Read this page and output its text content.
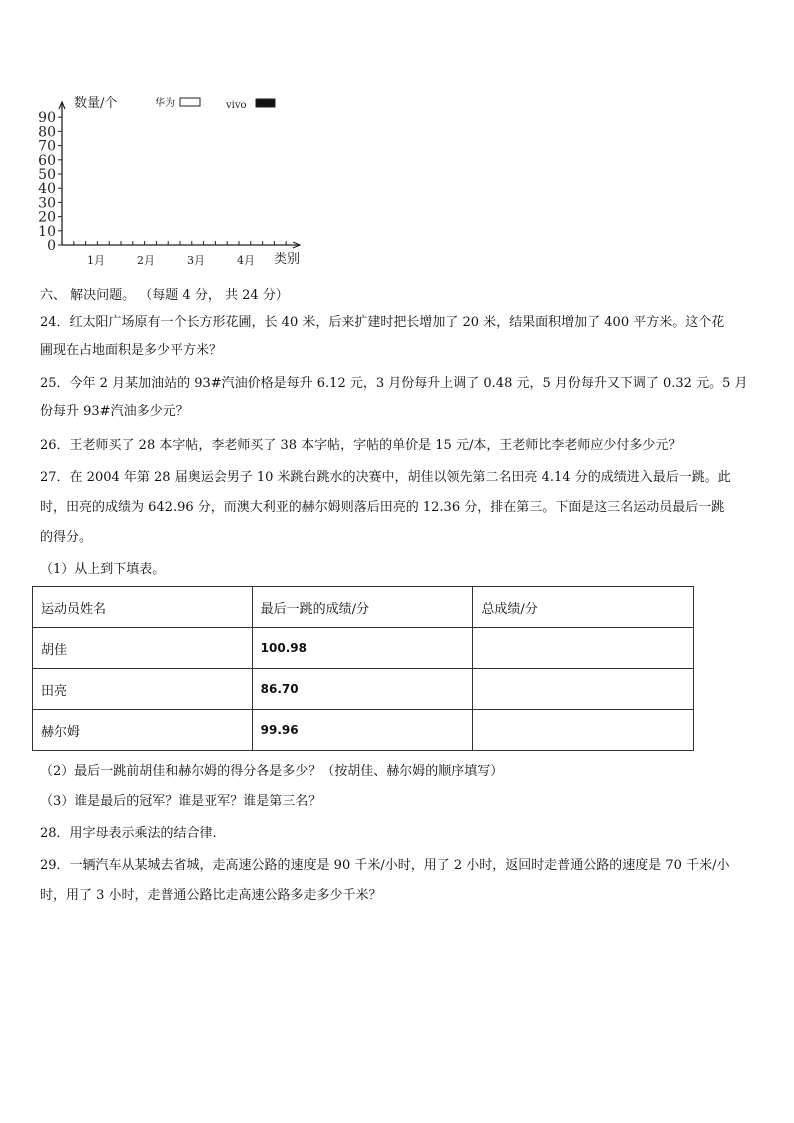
0
10
20
30
40
50
60
70
80
90
1月	2月	3月	4月
数量/个
类别
华为	vivo
六、 解决问题。 （每题 4 分， 共 24 分）
24．红太阳广场原有一个长方形花圃，长 40 米，后来扩建时把长增加了 20 米，结果面积增加了 400 平方米。这个花
圃现在占地面积是多少平方米？
25．今年 2 月某加油站的 93#汽油价格是每升 6.12 元，3 月份每升上调了 0.48 元，5 月份每升又下调了 0.32 元。5 月
份每升 93#汽油多少元？
26．王老师买了 28 本字帖，李老师买了 38 本字帖，字帖的单价是 15 元/本，王老师比李老师应少付多少元？
27．在 2004 年第 28 届奥运会男子 10 米跳台跳水的决赛中，胡佳以领先第二名田亮 4.14 分的成绩进入最后一跳。此
时，田亮的成绩为 642.96 分，而澳大利亚的赫尔姆则落后田亮的 12.36 分，排在第三。下面是这三名运动员最后一跳
的得分。
（1）从上到下填表。
运动员姓名	最后一跳的成绩/分	总成绩/分
胡佳	100.98	
田亮	86.70	
赫尔姆	99.96	
（2）最后一跳前胡佳和赫尔姆的得分各是多少？（按胡佳、赫尔姆的顺序填写）
（3）谁是最后的冠军？谁是亚军？谁是第三名？
28．用字母表示乘法的结合律.
29．一辆汽车从某城去省城，走高速公路的速度是 90 千米/小时，用了 2 小时，返回时走普通公路的速度是 70 千米/小
时，用了 3 小时，走普通公路比走高速公路多走多少千米？
